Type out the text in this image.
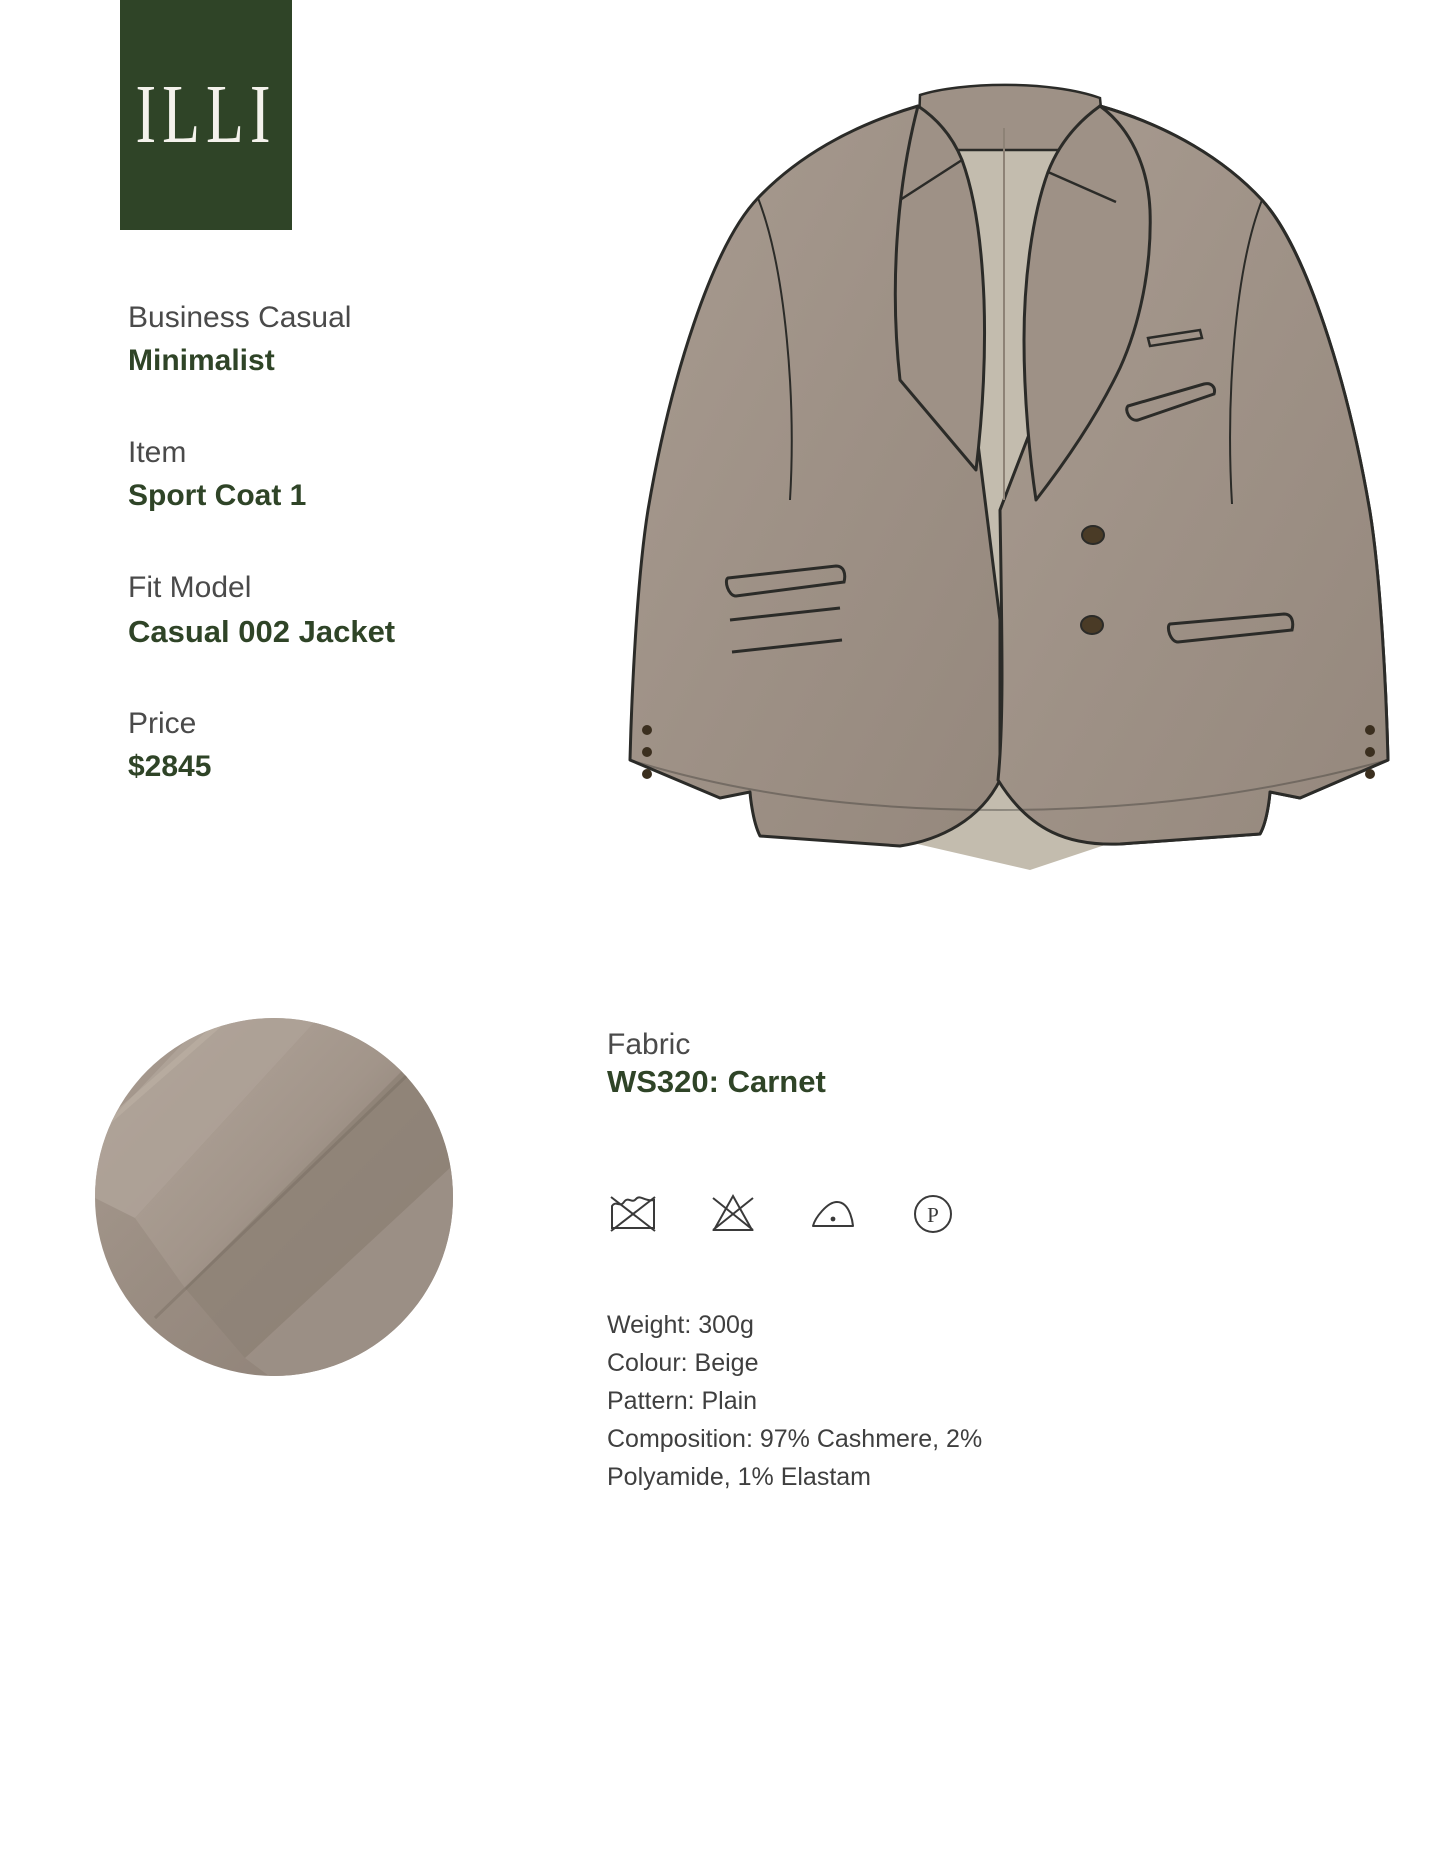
ILLI
Business Casual
Minimalist
Item
Sport Coat 1
Fit Model
Casual 002 Jacket
Price
$2845
Fabric
WS320: Carnet
P
Weight: 300g
Colour: Beige
Pattern: Plain
Composition: 97% Cashmere, 2% Polyamide, 1% Elastam
